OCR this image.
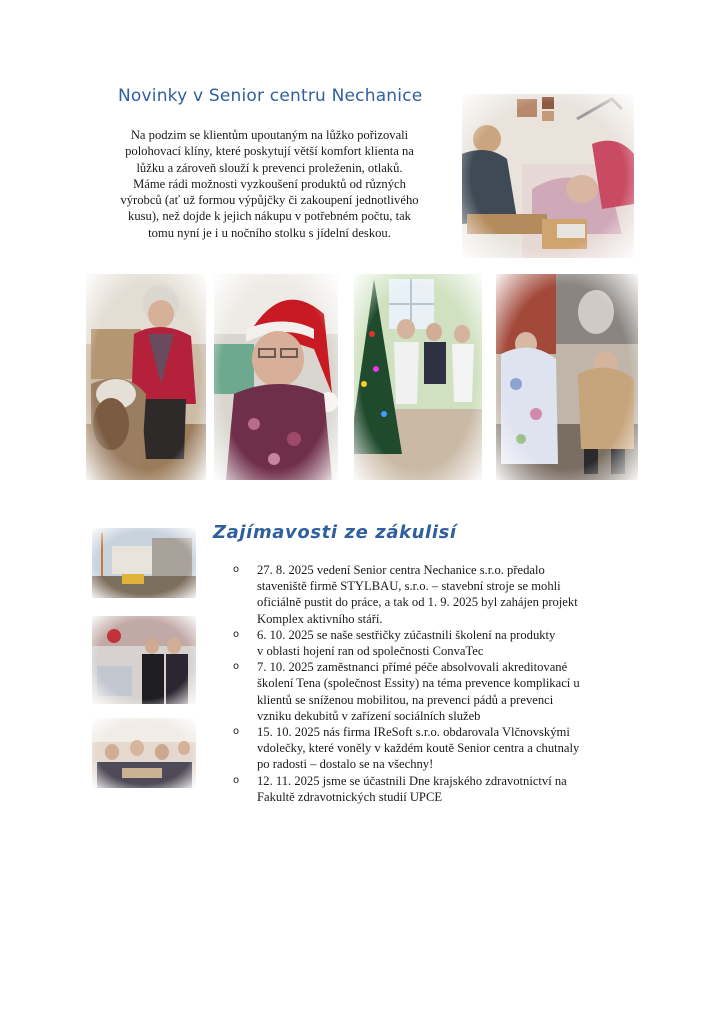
Novinky v Senior centru Nechanice
Na podzim se klientům upoutaným na lůžko pořizovali
polohovací klíny, které poskytují větší komfort klienta na
lůžku a zároveň slouží k prevenci proleženin, otlaků.
Máme rádi možnosti vyzkoušení produktů od různých
výrobců (ať už formou výpůjčky či zakoupení jednotlivého
kusu), než dojde k jejich nákupu v potřebném počtu, tak
tomu nyní je i u nočního stolku s jídelní deskou.
Zajímavosti ze zákulisí
o 27. 8. 2025 vedení Senior centra Nechanice s.r.o. předalo
staveniště firmě STYLBAU, s.r.o. – stavební stroje se mohli
oficiálně pustit do práce, a tak od 1. 9. 2025 byl zahájen projekt
Komplex aktivního stáří.
o 6. 10. 2025 se naše sestřičky zúčastnili školení na produkty
v oblasti hojení ran od společnosti ConvaTec
o 7. 10. 2025 zaměstnanci přímé péče absolvovali akreditované
školení Tena (společnost Essity) na téma prevence komplikací u
klientů se sníženou mobilitou, na prevenci pádů a prevenci
vzniku dekubitů v zařízení sociálních služeb
o 15. 10. 2025 nás firma IReSoft s.r.o. obdarovala Vlčnovskými
vdolečky, které voněly v každém koutě Senior centra a chutnaly
po radosti – dostalo se na všechny!
o 12. 11. 2025 jsme se účastnili Dne krajského zdravotnictví na
Fakultě zdravotnických studií UPCE
